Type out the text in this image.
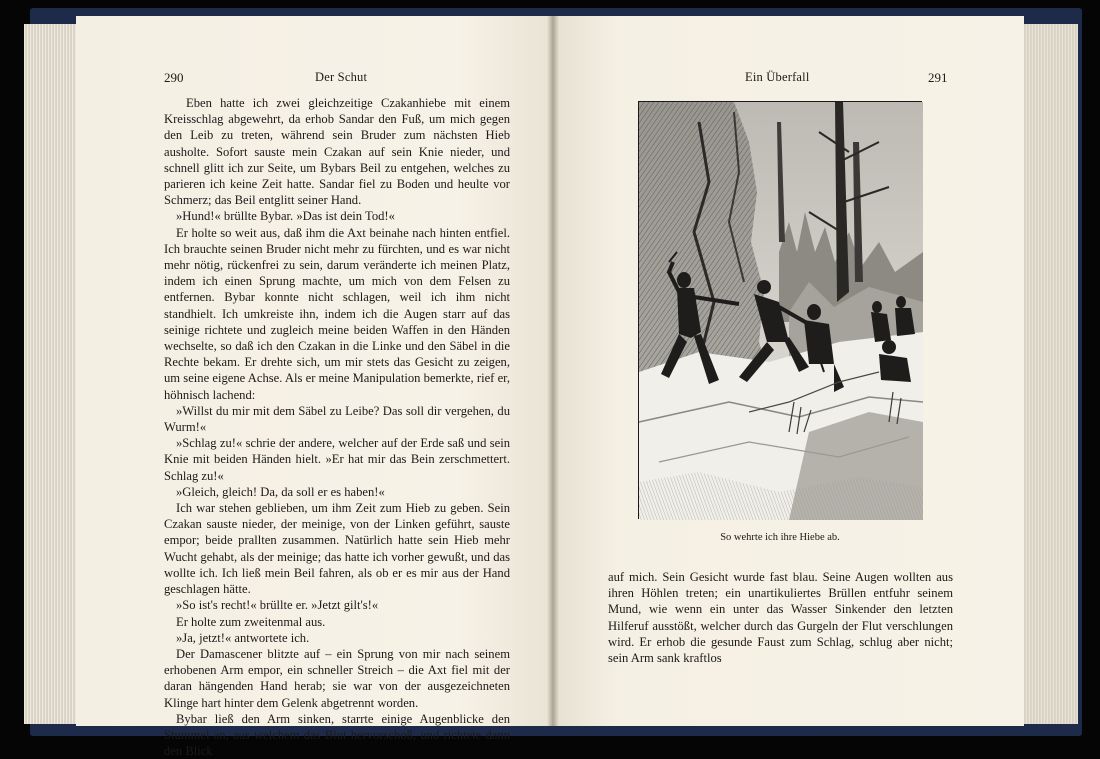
290	Der Schut

Eben hatte ich zwei gleichzeitige Czakanhiebe mit einem Kreisschlag abgewehrt, da erhob Sandar den Fuß, um mich gegen den Leib zu treten, während sein Bruder zum nächsten Hieb ausholte. Sofort sauste mein Czakan auf sein Knie nieder, und schnell glitt ich zur Seite, um Bybars Beil zu entgehen, welches zu parieren ich keine Zeit hatte. Sandar fiel zu Boden und heulte vor Schmerz; das Beil entglitt seiner Hand.

»Hund!« brüllte Bybar. »Das ist dein Tod!«

Er holte so weit aus, daß ihm die Axt beinahe nach hinten entfiel. Ich brauchte seinen Bruder nicht mehr zu fürchten, und es war nicht mehr nötig, rückenfrei zu sein, darum veränderte ich meinen Platz, indem ich einen Sprung machte, um mich von dem Felsen zu entfernen. Bybar konnte nicht schlagen, weil ich ihm nicht standhielt. Ich umkreiste ihn, indem ich die Augen starr auf das seinige richtete und zugleich meine beiden Waffen in den Händen wechselte, so daß ich den Czakan in die Linke und den Säbel in die Rechte bekam. Er drehte sich, um mir stets das Gesicht zu zeigen, um seine eigene Achse. Als er meine Manipulation bemerkte, rief er, höhnisch lachend:

»Willst du mir mit dem Säbel zu Leibe? Das soll dir vergehen, du Wurm!«

»Schlag zu!« schrie der andere, welcher auf der Erde saß und sein Knie mit beiden Händen hielt. »Er hat mir das Bein zerschmettert. Schlag zu!«

»Gleich, gleich! Da, da soll er es haben!«

Ich war stehen geblieben, um ihm Zeit zum Hieb zu geben. Sein Czakan sauste nieder, der meinige, von der Linken geführt, sauste empor; beide prallten zusammen. Natürlich hatte sein Hieb mehr Wucht gehabt, als der meinige; das hatte ich vorher gewußt, und das wollte ich. Ich ließ mein Beil fahren, als ob er es mir aus der Hand geschlagen hätte.

»So ist's recht!« brüllte er. »Jetzt gilt's!«

Er holte zum zweitenmal aus.

»Ja, jetzt!« antwortete ich.

Der Damascener blitzte auf – ein Sprung von mir nach seinem erhobenen Arm empor, ein schneller Streich – die Axt fiel mit der daran hängenden Hand herab; sie war von der ausgezeichneten Klinge hart hinter dem Gelenk abgetrennt worden.

Bybar ließ den Arm sinken, starrte einige Augenblicke den Stummel an, aus welchem das Blut hervorschoß, und richtete dann den Blick

Ein Überfall	291
So wehrte ich ihre Hiebe ab.

auf mich. Sein Gesicht wurde fast blau. Seine Augen wollten aus ihren Höhlen treten; ein unartikuliertes Brüllen entfuhr seinem Mund, wie wenn ein unter das Wasser Sinkender den letzten Hilferuf ausstößt, welcher durch das Gurgeln der Flut verschlungen wird. Er erhob die gesunde Faust zum Schlag, schlug aber nicht; sein Arm sank kraftlos
